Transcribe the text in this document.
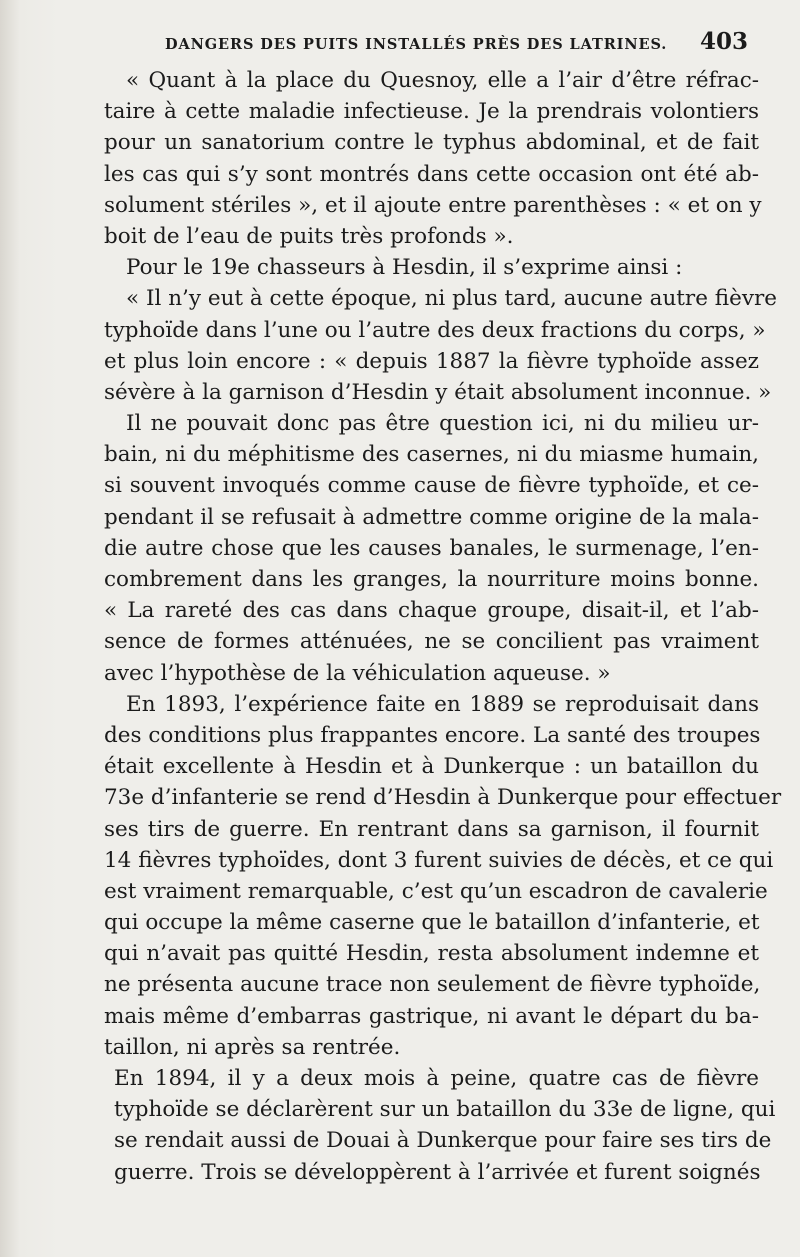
DANGERS DES PUITS INSTALLÉS PRÈS DES LATRINES. 403
« Quant à la place du Quesnoy, elle a l’air d’être réfrac-
taire à cette maladie infectieuse. Je la prendrais volontiers
pour un sanatorium contre le typhus abdominal, et de fait
les cas qui s’y sont montrés dans cette occasion ont été ab-
solument stériles », et il ajoute entre parenthèses : « et on y
boit de l’eau de puits très profonds ».
Pour le 19e chasseurs à Hesdin, il s’exprime ainsi :
« Il n’y eut à cette époque, ni plus tard, aucune autre fièvre
typhoïde dans l’une ou l’autre des deux fractions du corps, »
et plus loin encore : « depuis 1887 la fièvre typhoïde assez
sévère à la garnison d’Hesdin y était absolument inconnue. »
Il ne pouvait donc pas être question ici, ni du milieu ur-
bain, ni du méphitisme des casernes, ni du miasme humain,
si souvent invoqués comme cause de fièvre typhoïde, et ce-
pendant il se refusait à admettre comme origine de la mala-
die autre chose que les causes banales, le surmenage, l’en-
combrement dans les granges, la nourriture moins bonne.
« La rareté des cas dans chaque groupe, disait-il, et l’ab-
sence de formes atténuées, ne se concilient pas vraiment
avec l’hypothèse de la véhiculation aqueuse. »
En 1893, l’expérience faite en 1889 se reproduisait dans
des conditions plus frappantes encore. La santé des troupes
était excellente à Hesdin et à Dunkerque : un bataillon du
73e d’infanterie se rend d’Hesdin à Dunkerque pour effectuer
ses tirs de guerre. En rentrant dans sa garnison, il fournit
14 fièvres typhoïdes, dont 3 furent suivies de décès, et ce qui
est vraiment remarquable, c’est qu’un escadron de cavalerie
qui occupe la même caserne que le bataillon d’infanterie, et
qui n’avait pas quitté Hesdin, resta absolument indemne et
ne présenta aucune trace non seulement de fièvre typhoïde,
mais même d’embarras gastrique, ni avant le départ du ba-
taillon, ni après sa rentrée.
En 1894, il y a deux mois à peine, quatre cas de fièvre
typhoïde se déclarèrent sur un bataillon du 33e de ligne, qui
se rendait aussi de Douai à Dunkerque pour faire ses tirs de
guerre. Trois se développèrent à l’arrivée et furent soignés
